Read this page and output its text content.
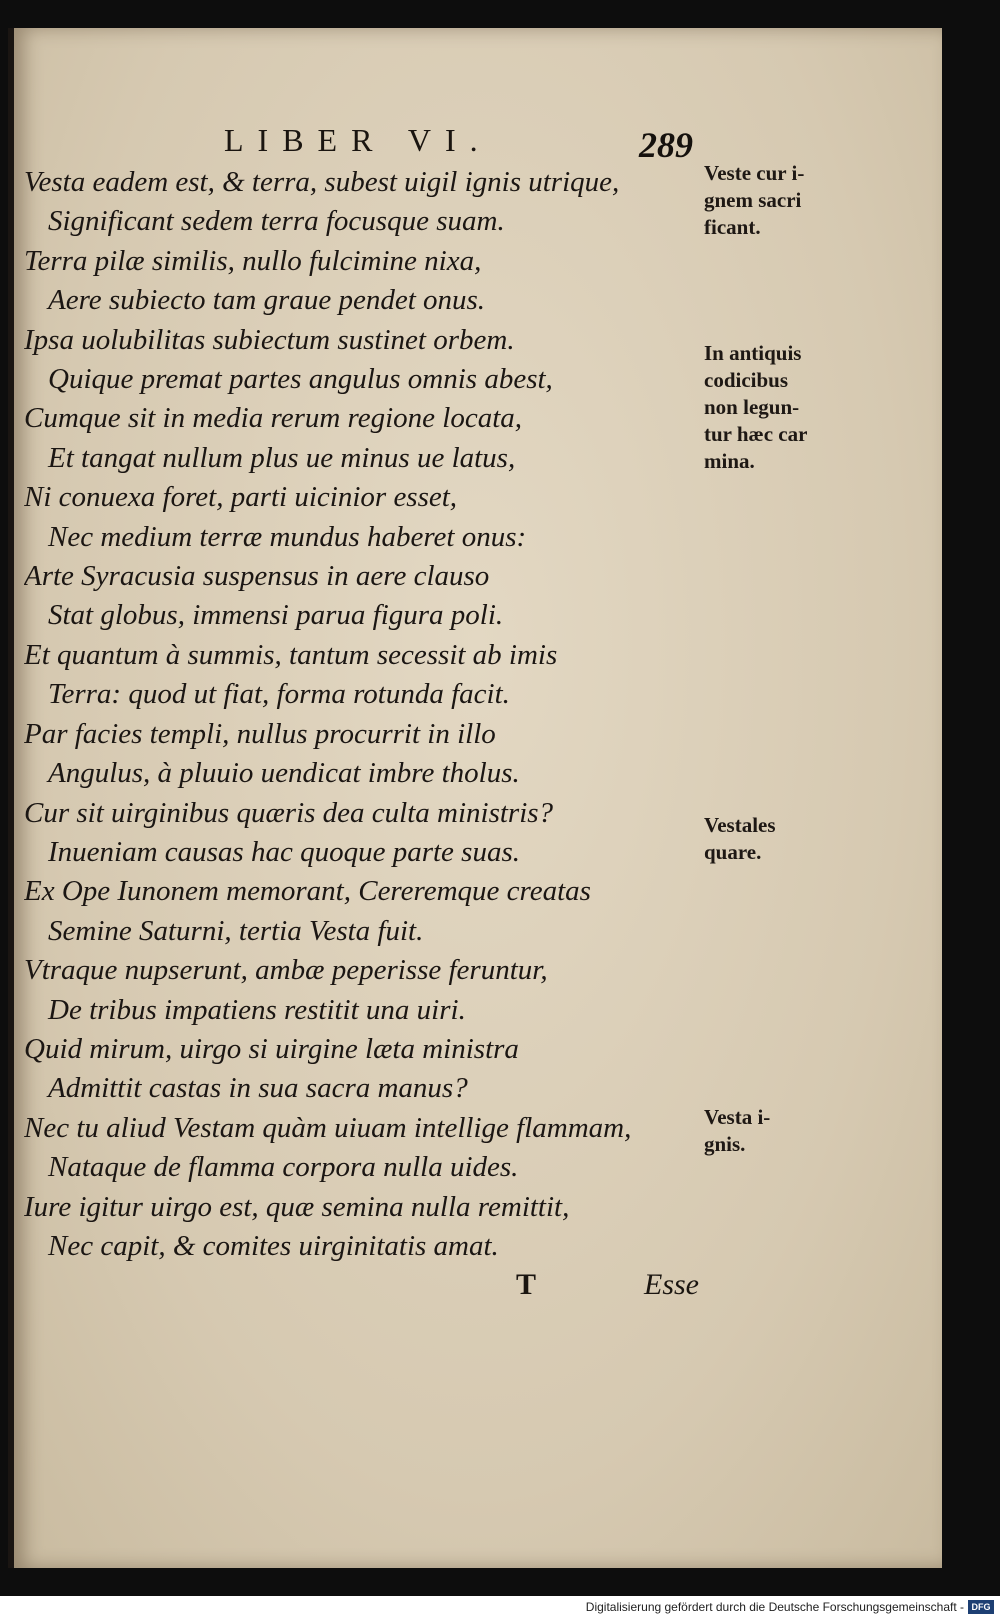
LIBER VI.	289
Vesta eadem est, & terra, subest uigil ignis utrique,
Significant sedem terra focusque suam.
Terra pilæ similis, nullo fulcimine nixa,
Aere subiecto tam graue pendet onus.
Ipsa uolubilitas subiectum sustinet orbem.
Quique premat partes angulus omnis abest,
Cumque sit in media rerum regione locata,
Et tangat nullum plus ue minus ue latus,
Ni conuexa foret, parti uicinior esset,
Nec medium terræ mundus haberet onus:
Arte Syracusia suspensus in aere clauso
Stat globus, immensi parua figura poli.
Et quantum à summis, tantum secessit ab imis
Terra: quod ut fiat, forma rotunda facit.
Par facies templi, nullus procurrit in illo
Angulus, à pluuio uendicat imbre tholus.
Cur sit uirginibus quæris dea culta ministris?
Inueniam causas hac quoque parte suas.
Ex Ope Iunonem memorant, Cereremque creatas
Semine Saturni, tertia Vesta fuit.
Vtraque nupserunt, ambæ peperisse feruntur,
De tribus impatiens restitit una uiri.
Quid mirum, uirgo si uirgine læta ministra
Admittit castas in sua sacra manus?
Nec tu aliud Vestam quàm uiuam intellige flammam,
Nataque de flamma corpora nulla uides.
Iure igitur uirgo est, quæ semina nulla remittit,
Nec capit, & comites uirginitatis amat.
Veste cur i-
gnem sacri
ficant.
In antiquis
codicibus
non legun-
tur hæc car
mina.
Vestales
quare.
Vesta i-
gnis.
T	Esse
Digitalisierung gefördert durch die Deutsche Forschungsgemeinschaft - DFG
